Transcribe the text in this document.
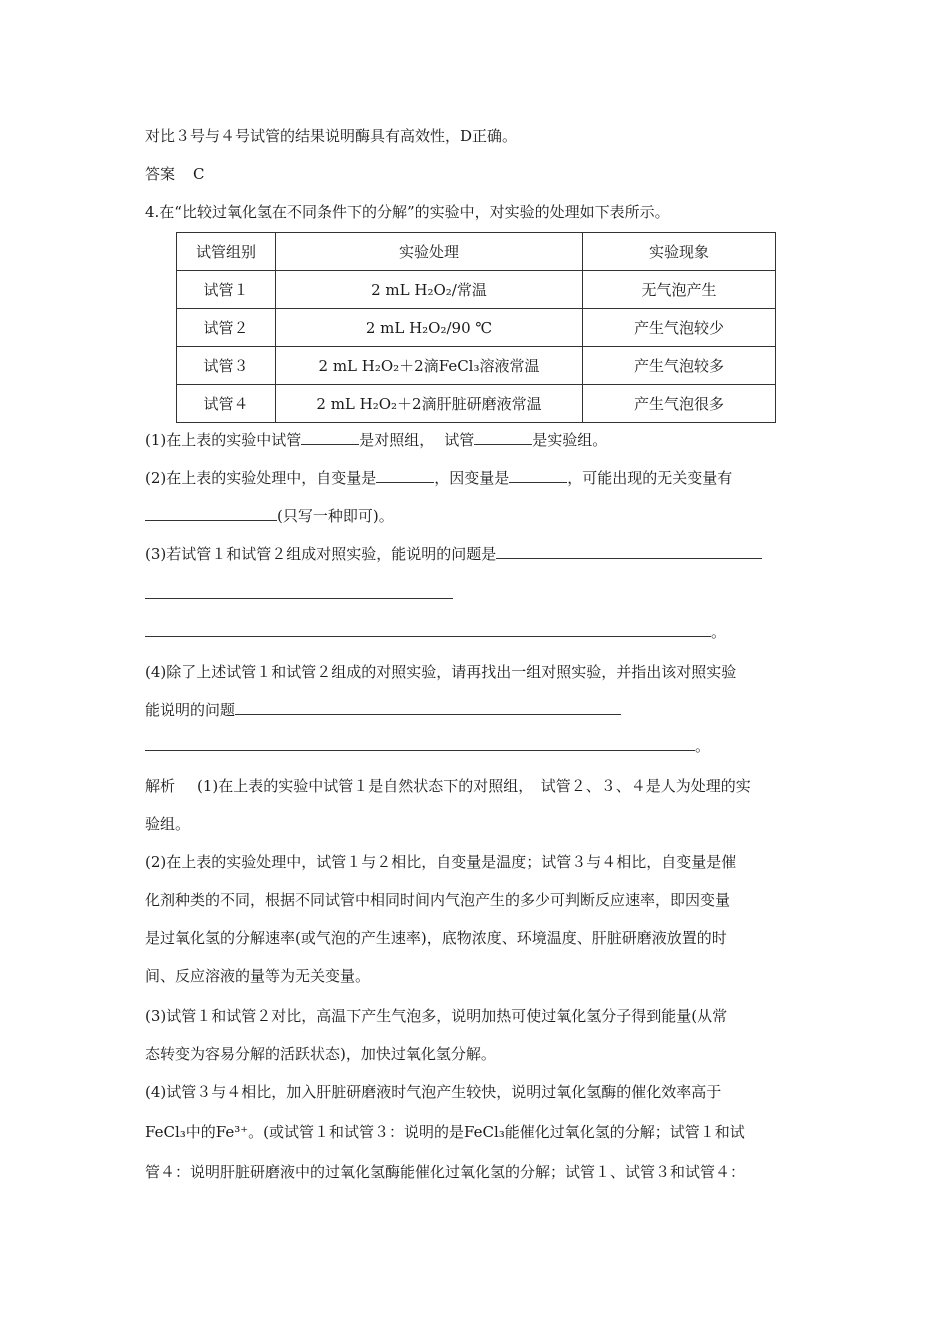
对比３号与４号试管的结果说明酶具有高效性，D正确。
答案 C
4.在“比较过氧化氢在不同条件下的分解”的实验中，对实验的处理如下表所示。
试管组别	实验处理	实验现象
试管１	2 mL H₂O₂/常温	无气泡产生
试管２	2 mL H₂O₂/90 ℃	产生气泡较少
试管３	2 mL H₂O₂＋2滴FeCl₃溶液常温	产生气泡较多
试管４	2 mL H₂O₂＋2滴肝脏研磨液常温	产生气泡很多
(1)在上表的实验中试管	是对照组， 试管	是实验组。
(2)在上表的实验处理中，自变量是	，因变量是	，可能出现的无关变量有
(只写一种即可)。
(3)若试管１和试管２组成对照实验，能说明的问题是
。
(4)除了上述试管１和试管２组成的对照实验，请再找出一组对照实验，并指出该对照实验
能说明的问题
。
解析 (1)在上表的实验中试管１是自然状态下的对照组，　试管２、３、４是人为处理的实
验组。
(2)在上表的实验处理中，试管１与２相比，自变量是温度；试管３与４相比，自变量是催
化剂种类的不同，根据不同试管中相同时间内气泡产生的多少可判断反应速率，即因变量
是过氧化氢的分解速率(或气泡的产生速率)，底物浓度、环境温度、肝脏研磨液放置的时
间、反应溶液的量等为无关变量。
(3)试管１和试管２对比，高温下产生气泡多，说明加热可使过氧化氢分子得到能量(从常
态转变为容易分解的活跃状态)，加快过氧化氢分解。
(4)试管３与４相比，加入肝脏研磨液时气泡产生较快，说明过氧化氢酶的催化效率高于
FeCl₃中的Fe³⁺。(或试管１和试管３：说明的是FeCl₃能催化过氧化氢的分解；试管１和试
管４：说明肝脏研磨液中的过氧化氢酶能催化过氧化氢的分解；试管１、试管３和试管４：
